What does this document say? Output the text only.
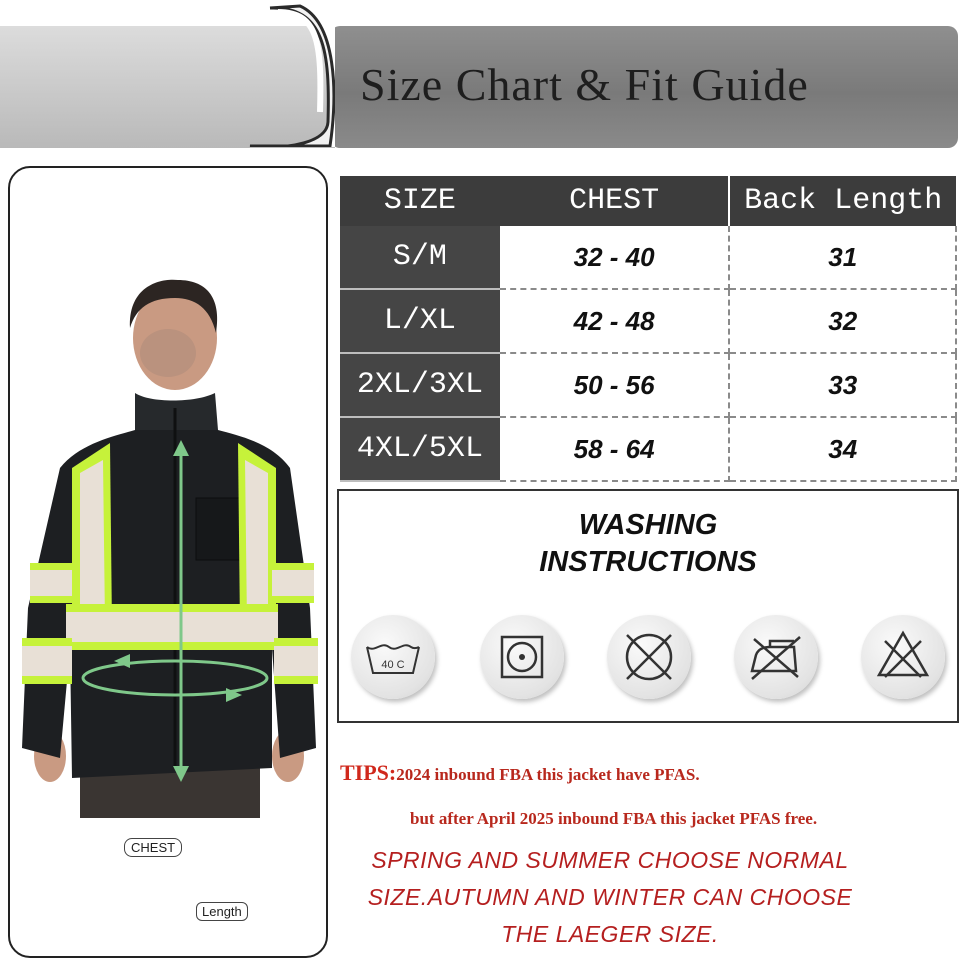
Size Chart & Fit Guide
CHEST
Length
SIZE	CHEST	Back Length
S/M	32 - 40	31
L/XL	42 - 48	32
2XL/3XL	50 - 56	33
4XL/5XL	58 - 64	34
WASHING
INSTRUCTIONS
40 C
TIPS:2024 inbound FBA this jacket have PFAS.
but after April 2025 inbound FBA this jacket PFAS free.
SPRING AND SUMMER CHOOSE NORMAL
SIZE.AUTUMN AND WINTER CAN CHOOSE
THE LAEGER SIZE.
